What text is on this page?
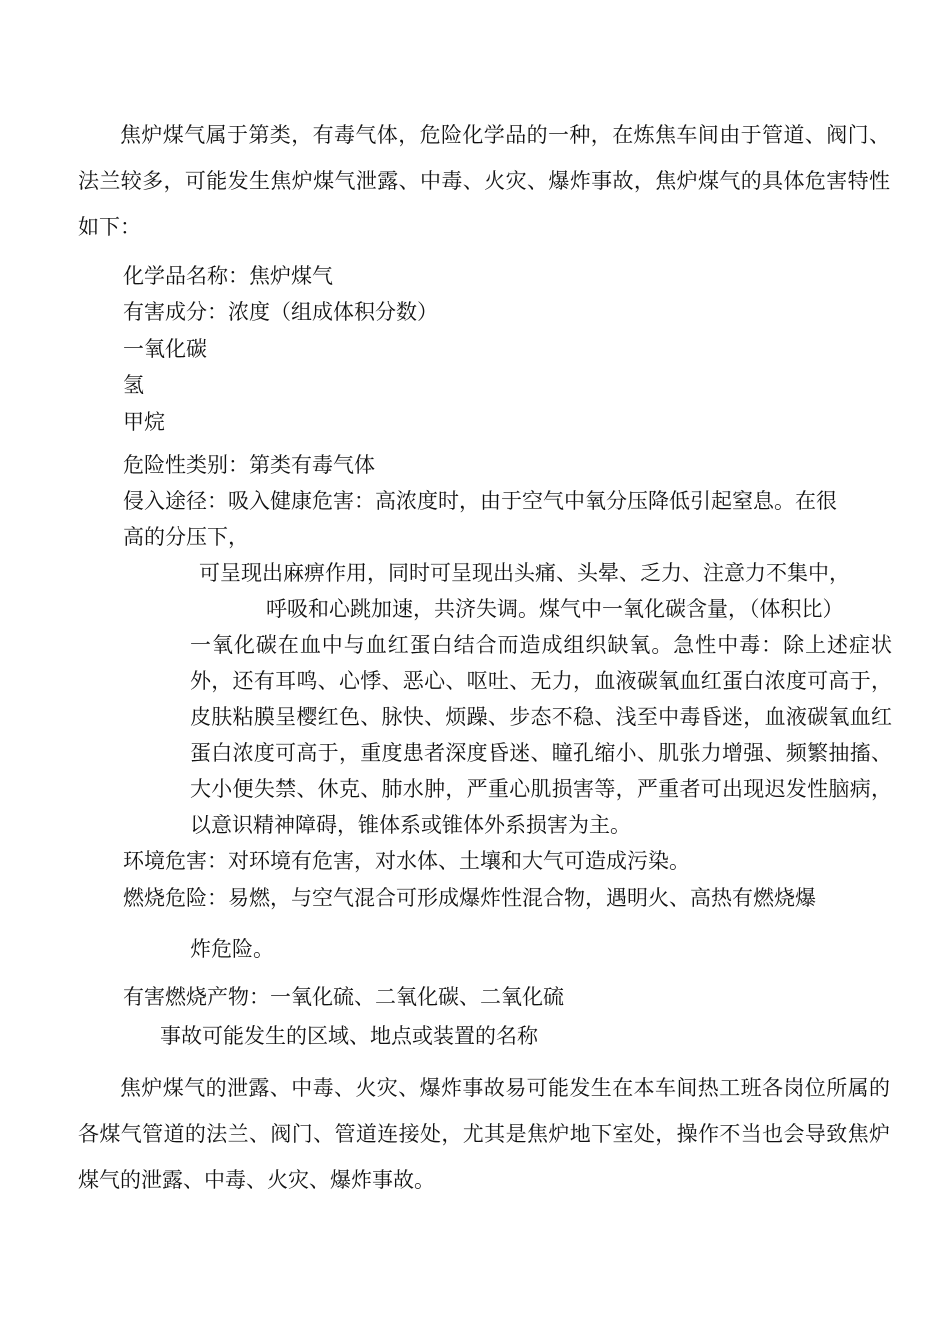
焦炉煤气属于第类，有毒气体，危险化学品的一种，在炼焦车间由于管道、阀门、法兰较多，可能发生焦炉煤气泄露、中毒、火灾、爆炸事故，焦炉煤气的具体危害特性如下：
化学品名称：焦炉煤气
有害成分：浓度（组成体积分数）
一氧化碳
氢
甲烷
危险性类别：第类有毒气体
侵入途径：吸入健康危害：高浓度时，由于空气中氧分压降低引起窒息。在很
高的分压下，
可呈现出麻痹作用，同时可呈现出头痛、头晕、乏力、注意力不集中，
呼吸和心跳加速，共济失调。煤气中一氧化碳含量，（体积比）
一氧化碳在血中与血红蛋白结合而造成组织缺氧。急性中毒：除上述症状外，还有耳鸣、心悸、恶心、呕吐、无力，血液碳氧血红蛋白浓度可高于，皮肤粘膜呈樱红色、脉快、烦躁、步态不稳、浅至中毒昏迷，血液碳氧血红蛋白浓度可高于，重度患者深度昏迷、瞳孔缩小、肌张力增强、频繁抽搐、大小便失禁、休克、肺水肿，严重心肌损害等，严重者可出现迟发性脑病，以意识精神障碍，锥体系或锥体外系损害为主。
环境危害：对环境有危害，对水体、土壤和大气可造成污染。
燃烧危险：易燃，与空气混合可形成爆炸性混合物，遇明火、高热有燃烧爆
炸危险。
有害燃烧产物：一氧化硫、二氧化碳、二氧化硫
事故可能发生的区域、地点或装置的名称
焦炉煤气的泄露、中毒、火灾、爆炸事故易可能发生在本车间热工班各岗位所属的各煤气管道的法兰、阀门、管道连接处，尤其是焦炉地下室处，操作不当也会导致焦炉煤气的泄露、中毒、火灾、爆炸事故。
